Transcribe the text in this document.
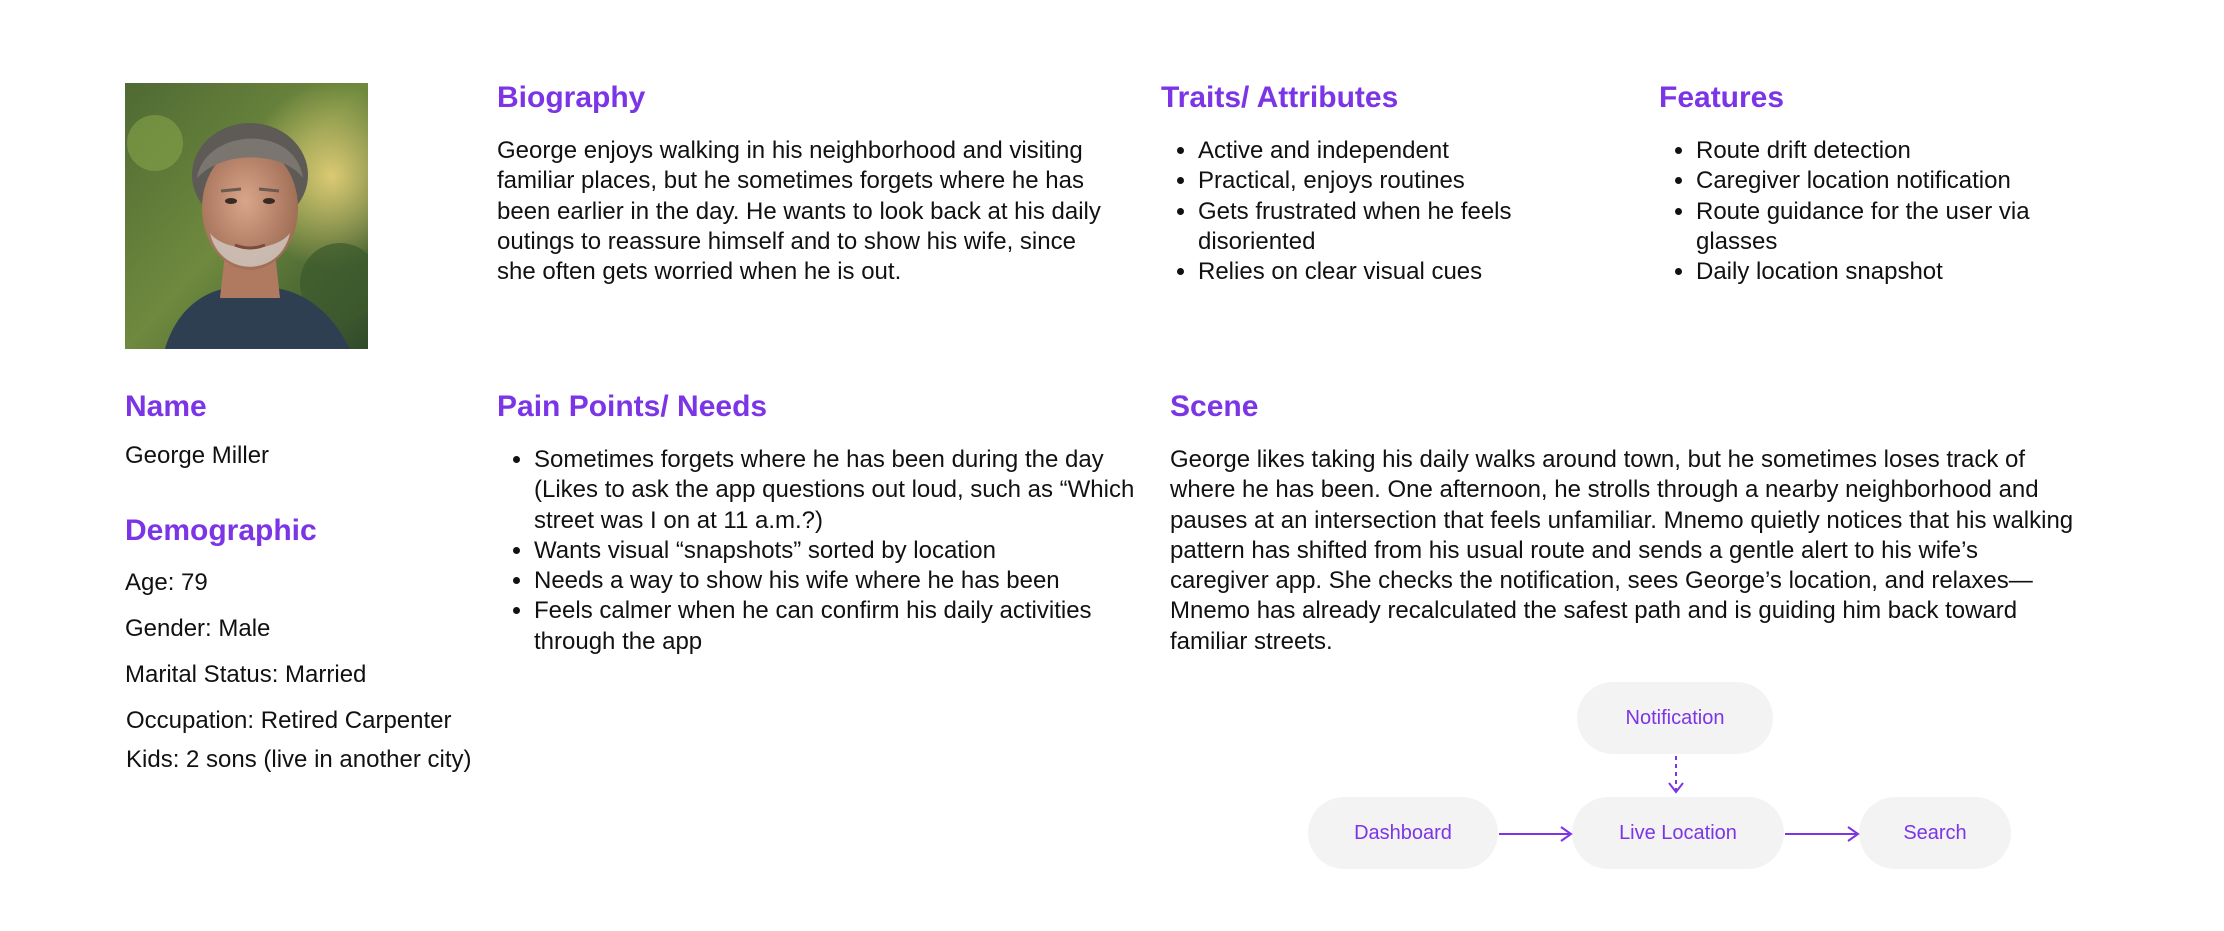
Biography

George enjoys walking in his neighborhood and visiting familiar places, but he sometimes forgets where he has been earlier in the day. He wants to look back at his daily outings to reassure himself and to show his wife, since she often gets worried when he is out.

Traits/ Attributes
• Active and independent
• Practical, enjoys routines
• Gets frustrated when he feels disoriented
• Relies on clear visual cues
Features
• Route drift detection
• Caregiver location notification
• Route guidance for the user via glasses
• Daily location snapshot
Name

George Miller

Demographic

Age: 79

Gender: Male

Marital Status: Married

Occupation: Retired Carpenter

Kids: 2 sons (live in another city)

Pain Points/ Needs
• Sometimes forgets where he has been during the day (Likes to ask the app questions out loud, such as “Which street was I on at 11 a.m.?)
• Wants visual “snapshots” sorted by location
• Needs a way to show his wife where he has been
• Feels calmer when he can confirm his daily activities through the app
Scene

George likes taking his daily walks around town, but he sometimes loses track of where he has been. One afternoon, he strolls through a nearby neighborhood and pauses at an intersection that feels unfamiliar. Mnemo quietly notices that his walking pattern has shifted from his usual route and sends a gentle alert to his wife’s caregiver app. She checks the notification, sees George’s location, and relaxes—Mnemo has already recalculated the safest path and is guiding him back toward familiar streets.

Notification
Dashboard	Live Location	Search
